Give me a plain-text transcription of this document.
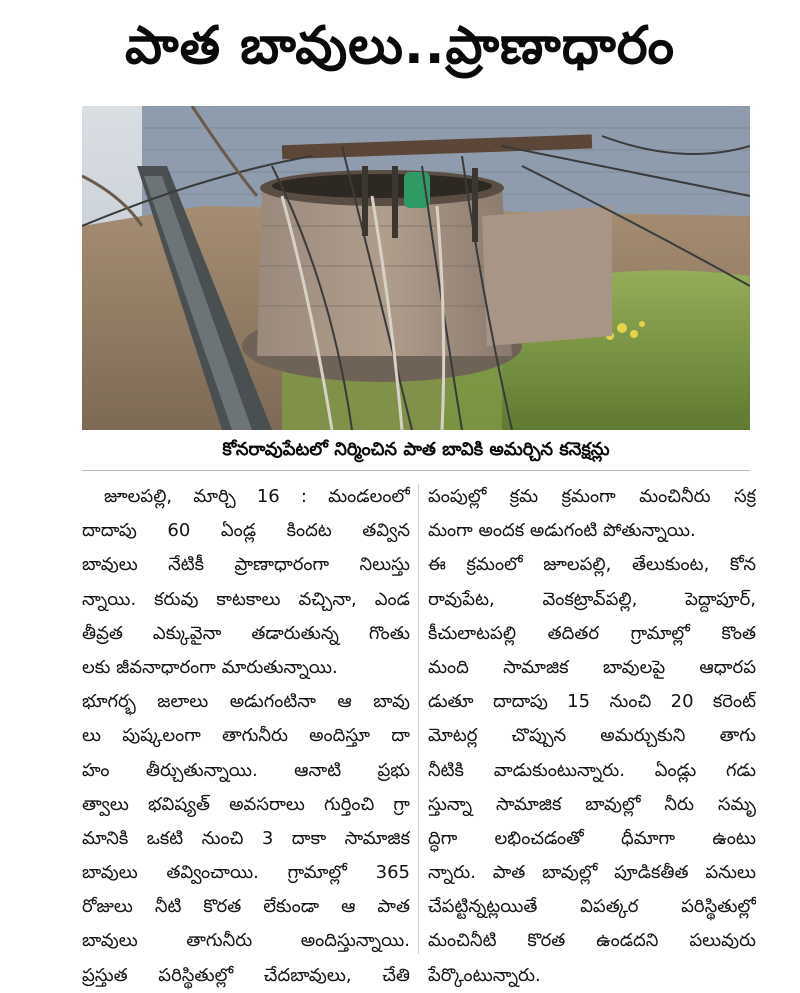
పాత బావులు..ప్రాణాధారం
కోనరావుపేటలో నిర్మించిన పాత బావికి అమర్చిన కనెక్షన్లు
జూలపల్లి, మార్చి 16 : మండలంలో
దాదాపు 60 ఏండ్ల కిందట తవ్విన
బావులు నేటికీ ప్రాణాధారంగా నిలుస్తు
న్నాయి. కరువు కాటకాలు వచ్చినా, ఎండ
తీవ్రత ఎక్కువైనా తడారుతున్న గొంతు
లకు జీవనాధారంగా మారుతున్నాయి.
భూగర్భ జలాలు అడుగంటినా ఆ బావు
లు పుష్కలంగా తాగునీరు అందిస్తూ దా
హం తీర్చుతున్నాయి. ఆనాటి ప్రభు
త్వాలు భవిష్యత్ అవసరాలు గుర్తించి గ్రా
మానికి ఒకటి నుంచి 3 దాకా సామాజిక
బావులు తవ్వించాయి. గ్రామాల్లో 365
రోజులు నీటి కొరత లేకుండా ఆ పాత
బావులు తాగునీరు అందిస్తున్నాయి.
ప్రస్తుత పరిస్థితుల్లో చేదబావులు, చేతి
పంపుల్లో క్రమ క్రమంగా మంచినీరు సక్ర
మంగా అందక అడుగంటి పోతున్నాయి.
ఈ క్రమంలో జూలపల్లి, తేలుకుంట, కోన
రావుపేట, వెంకట్రావ్‌పల్లి, పెద్దాపూర్,
కీచులాటపల్లి తదితర గ్రామాల్లో కొంత
మంది సామాజిక బావులపై ఆధారప
డుతూ దాదాపు 15 నుంచి 20 కరెంట్
మోటర్ల చొప్పున అమర్చుకుని తాగు
నీటికి వాడుకుంటున్నారు. ఏండ్లు గడు
స్తున్నా సామాజిక బావుల్లో నీరు సమృ
ద్ధిగా లభించడంతో ధీమాగా ఉంటు
న్నారు. పాత బావుల్లో పూడికతీత పనులు
చేపట్టిన్నట్లయితే విపత్కర పరిస్థితుల్లో
మంచినీటి కొరత ఉండదని పలువురు
పేర్కొంటున్నారు.
